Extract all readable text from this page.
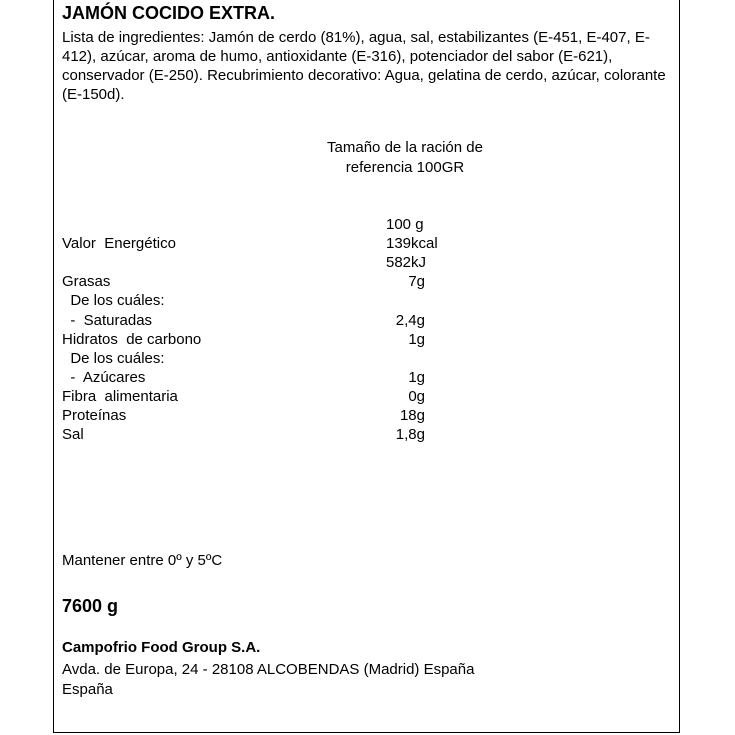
JAMÓN COCIDO EXTRA.

Lista de ingredientes: Jamón de cerdo (81%), agua, sal, estabilizantes (E-451, E-407, E-412), azúcar, aroma de humo, antioxidante (E-316), potenciador del sabor (E-621), conservador (E-250). Recubrimiento decorativo: Agua, gelatina de cerdo, azúcar, colorante (E-150d).

Tamaño de la ración de
referencia 100GR
100 g
Valor  Energético	139kcal
582kJ
Grasas	7g
De los cuáles:
-  Saturadas	2,4g
Hidratos  de carbono	1g
De los cuáles:
-  Azúcares	1g
Fibra  alimentaria	0g
Proteínas	18g
Sal	1,8g
Mantener entre 0º y 5ºC
7600 g
Campofrio Food Group S.A.
Avda. de Europa, 24 - 28108 ALCOBENDAS (Madrid) España
España
